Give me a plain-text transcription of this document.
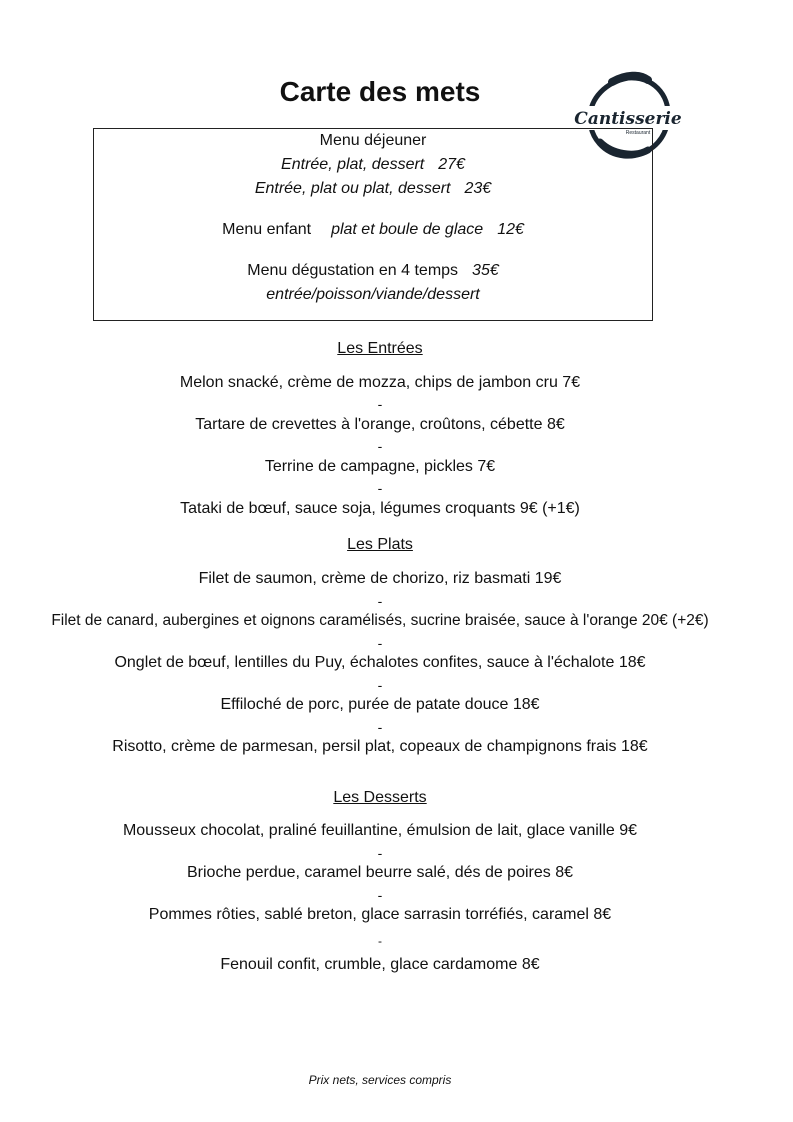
Carte des mets
Cantisserie
Restaurant
Menu déjeuner
Entrée, plat, dessert 27€
Entrée, plat ou plat, dessert 23€
Menu enfant plat et boule de glace 12€
Menu dégustation en 4 temps 35€
entrée/poisson/viande/dessert
Les Entrées
Melon snacké, crème de mozza, chips de jambon cru 7€
-
Tartare de crevettes à l'orange, croûtons, cébette 8€
-
Terrine de campagne, pickles 7€
-
Tataki de bœuf, sauce soja, légumes croquants 9€ (+1€)
Les Plats
Filet de saumon, crème de chorizo, riz basmati 19€
-
Filet de canard, aubergines et oignons caramélisés, sucrine braisée, sauce à l'orange 20€ (+2€)
-
Onglet de bœuf, lentilles du Puy, échalotes confites, sauce à l'échalote 18€
-
Effiloché de porc, purée de patate douce 18€
-
Risotto, crème de parmesan, persil plat, copeaux de champignons frais 18€
Les Desserts
Mousseux chocolat, praliné feuillantine, émulsion de lait, glace vanille 9€
-
Brioche perdue, caramel beurre salé, dés de poires 8€
-
Pommes rôties, sablé breton, glace sarrasin torréfiés, caramel 8€
-
Fenouil confit, crumble, glace cardamome 8€
Prix nets, services compris
